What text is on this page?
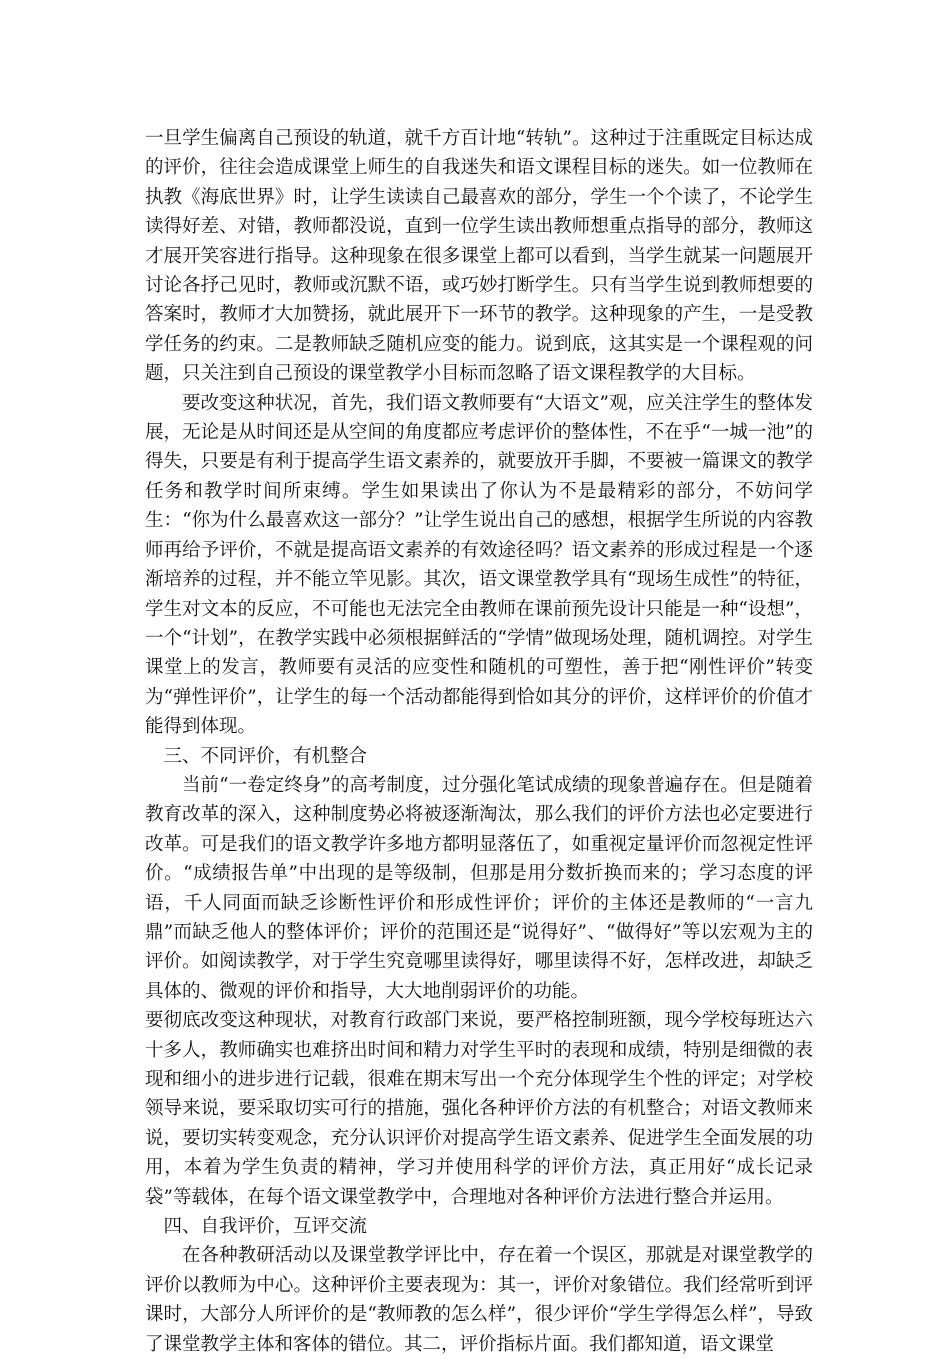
一旦学生偏离自己预设的轨道，就千方百计地“转轨”。这种过于注重既定目标达成的评价，往往会造成课堂上师生的自我迷失和语文课程目标的迷失。如一位教师在执教《海底世界》时，让学生读读自己最喜欢的部分，学生一个个读了，不论学生读得好差、对错，教师都没说，直到一位学生读出教师想重点指导的部分，教师这才展开笑容进行指导。这种现象在很多课堂上都可以看到，当学生就某一问题展开讨论各抒己见时，教师或沉默不语，或巧妙打断学生。只有当学生说到教师想要的答案时，教师才大加赞扬，就此展开下一环节的教学。这种现象的产生，一是受教学任务的约束。二是教师缺乏随机应变的能力。说到底，这其实是一个课程观的问题，只关注到自己预设的课堂教学小目标而忽略了语文课程教学的大目标。

要改变这种状况，首先，我们语文教师要有“大语文”观，应关注学生的整体发展，无论是从时间还是从空间的角度都应考虑评价的整体性，不在乎“一城一池”的得失，只要是有利于提高学生语文素养的，就要放开手脚，不要被一篇课文的教学任务和教学时间所束缚。学生如果读出了你认为不是最精彩的部分，不妨问学生：“你为什么最喜欢这一部分？”让学生说出自己的感想，根据学生所说的内容教师再给予评价，不就是提高语文素养的有效途径吗？语文素养的形成过程是一个逐渐培养的过程，并不能立竿见影。其次，语文课堂教学具有“现场生成性”的特征，学生对文本的反应，不可能也无法完全由教师在课前预先设计只能是一种“设想”，一个“计划”，在教学实践中必须根据鲜活的“学情”做现场处理，随机调控。对学生课堂上的发言，教师要有灵活的应变性和随机的可塑性，善于把“刚性评价”转变为“弹性评价”，让学生的每一个活动都能得到恰如其分的评价，这样评价的价值才能得到体现。

三、不同评价，有机整合

当前“一卷定终身”的高考制度，过分强化笔试成绩的现象普遍存在。但是随着教育改革的深入，这种制度势必将被逐渐淘汰，那么我们的评价方法也必定要进行改革。可是我们的语文教学许多地方都明显落伍了，如重视定量评价而忽视定性评价。“成绩报告单”中出现的是等级制，但那是用分数折换而来的；学习态度的评语，千人同面而缺乏诊断性评价和形成性评价；评价的主体还是教师的“一言九鼎”而缺乏他人的整体评价；评价的范围还是“说得好”、“做得好”等以宏观为主的评价。如阅读教学，对于学生究竟哪里读得好，哪里读得不好，怎样改进，却缺乏具体的、微观的评价和指导，大大地削弱评价的功能。

要彻底改变这种现状，对教育行政部门来说，要严格控制班额，现今学校每班达六十多人，教师确实也难挤出时间和精力对学生平时的表现和成绩，特别是细微的表现和细小的进步进行记载，很难在期末写出一个充分体现学生个性的评定；对学校领导来说，要采取切实可行的措施，强化各种评价方法的有机整合；对语文教师来说，要切实转变观念，充分认识评价对提高学生语文素养、促进学生全面发展的功用，本着为学生负责的精神，学习并使用科学的评价方法，真正用好“成长记录袋”等载体，在每个语文课堂教学中，合理地对各种评价方法进行整合并运用。

四、自我评价，互评交流

在各种教研活动以及课堂教学评比中，存在着一个误区，那就是对课堂教学的评价以教师为中心。这种评价主要表现为：其一，评价对象错位。我们经常听到评课时，大部分人所评价的是“教师教的怎么样”，很少评价“学生学得怎么样”，导致了课堂教学主体和客体的错位。其二，评价指标片面。我们都知道，语文课堂
